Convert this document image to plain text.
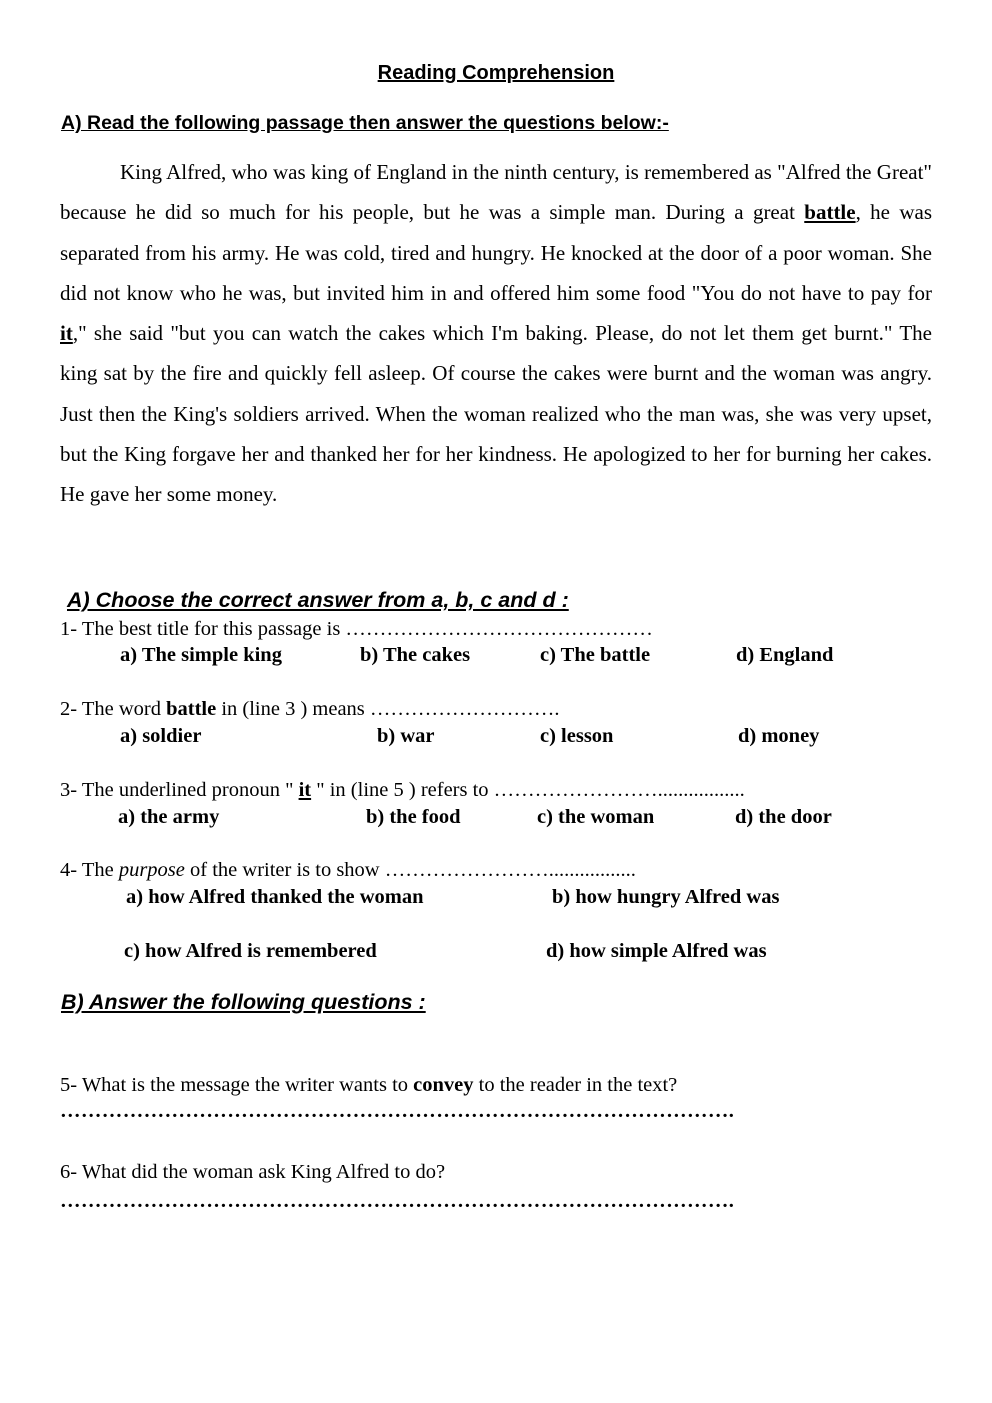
Reading Comprehension
A) Read the following passage then answer the questions below:-

King Alfred, who was king of England in the ninth century, is remembered as "Alfred the Great" because he did so much for his people, but he was a simple man. During a great battle, he was separated from his army. He was cold, tired and hungry. He knocked at the door of a poor woman. She did not know who he was, but invited him in and offered him some food "You do not have to pay for it," she said "but you can watch the cakes which I'm baking. Please, do not let them get burnt." The king sat by the fire and quickly fell asleep. Of course the cakes were burnt and the woman was angry. Just then the King's soldiers arrived. When the woman realized who the man was, she was very upset, but the King forgave her and thanked her for her kindness. He apologized to her for burning her cakes. He gave her some money.

A) Choose the correct answer from a, b, c and d :
1- The best title for this passage is ………………………………………
a) The simple king	b) The cakes	c) The battle	d) England
2- The word battle in (line 3 ) means ……………………….
a) soldier	b) war	c) lesson	d) money
3- The underlined pronoun " it " in (line 5 ) refers to …………………….................
a) the army	b) the food	c) the woman	d) the door
4- The purpose of the writer is to show …………………….................
a) how Alfred thanked the woman	b) how hungry Alfred was
c) how Alfred is remembered	d) how simple Alfred was
B) Answer the following questions :
5- What is the message the writer wants to convey to the reader in the text?
…………………………………………………………………………………….
6- What did the woman ask King Alfred to do?
…………………………………………………………………………………….
